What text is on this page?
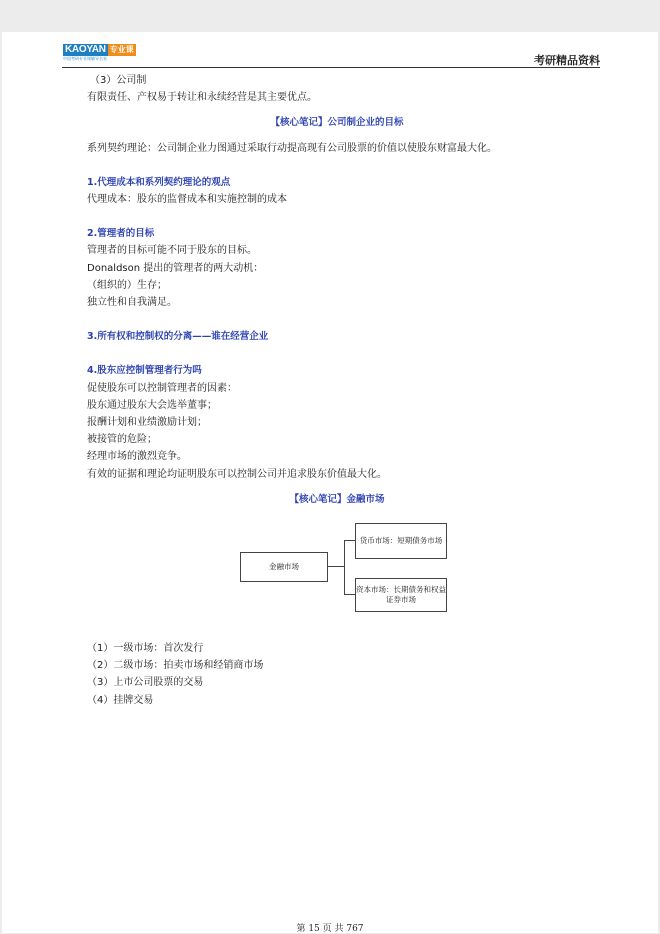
KAOYAN 专业课
中国考研专业课辅导名家	考研精品资料

（3）公司制

有限责任、产权易于转让和永续经营是其主要优点。

【核心笔记】公司制企业的目标

系列契约理论：公司制企业力图通过采取行动提高现有公司股票的价值以使股东财富最大化。

1.代理成本和系列契约理论的观点

代理成本：股东的监督成本和实施控制的成本

2.管理者的目标

管理者的目标可能不同于股东的目标。

Donaldson 提出的管理者的两大动机：

（组织的）生存；

独立性和自我满足。

3.所有权和控制权的分离——谁在经营企业

4.股东应控制管理者行为吗

促使股东可以控制管理者的因素：

股东通过股东大会选举董事；

报酬计划和业绩激励计划；

被接管的危险；

经理市场的激烈竞争。

有效的证据和理论均证明股东可以控制公司并追求股东价值最大化。

【核心笔记】金融市场

金融市场
货币市场：短期债务市场
资本市场：长期债务和权益证券市场

（1）一级市场：首次发行

（2）二级市场：拍卖市场和经销商市场

（3）上市公司股票的交易

（4）挂牌交易

第 15 页 共 767
